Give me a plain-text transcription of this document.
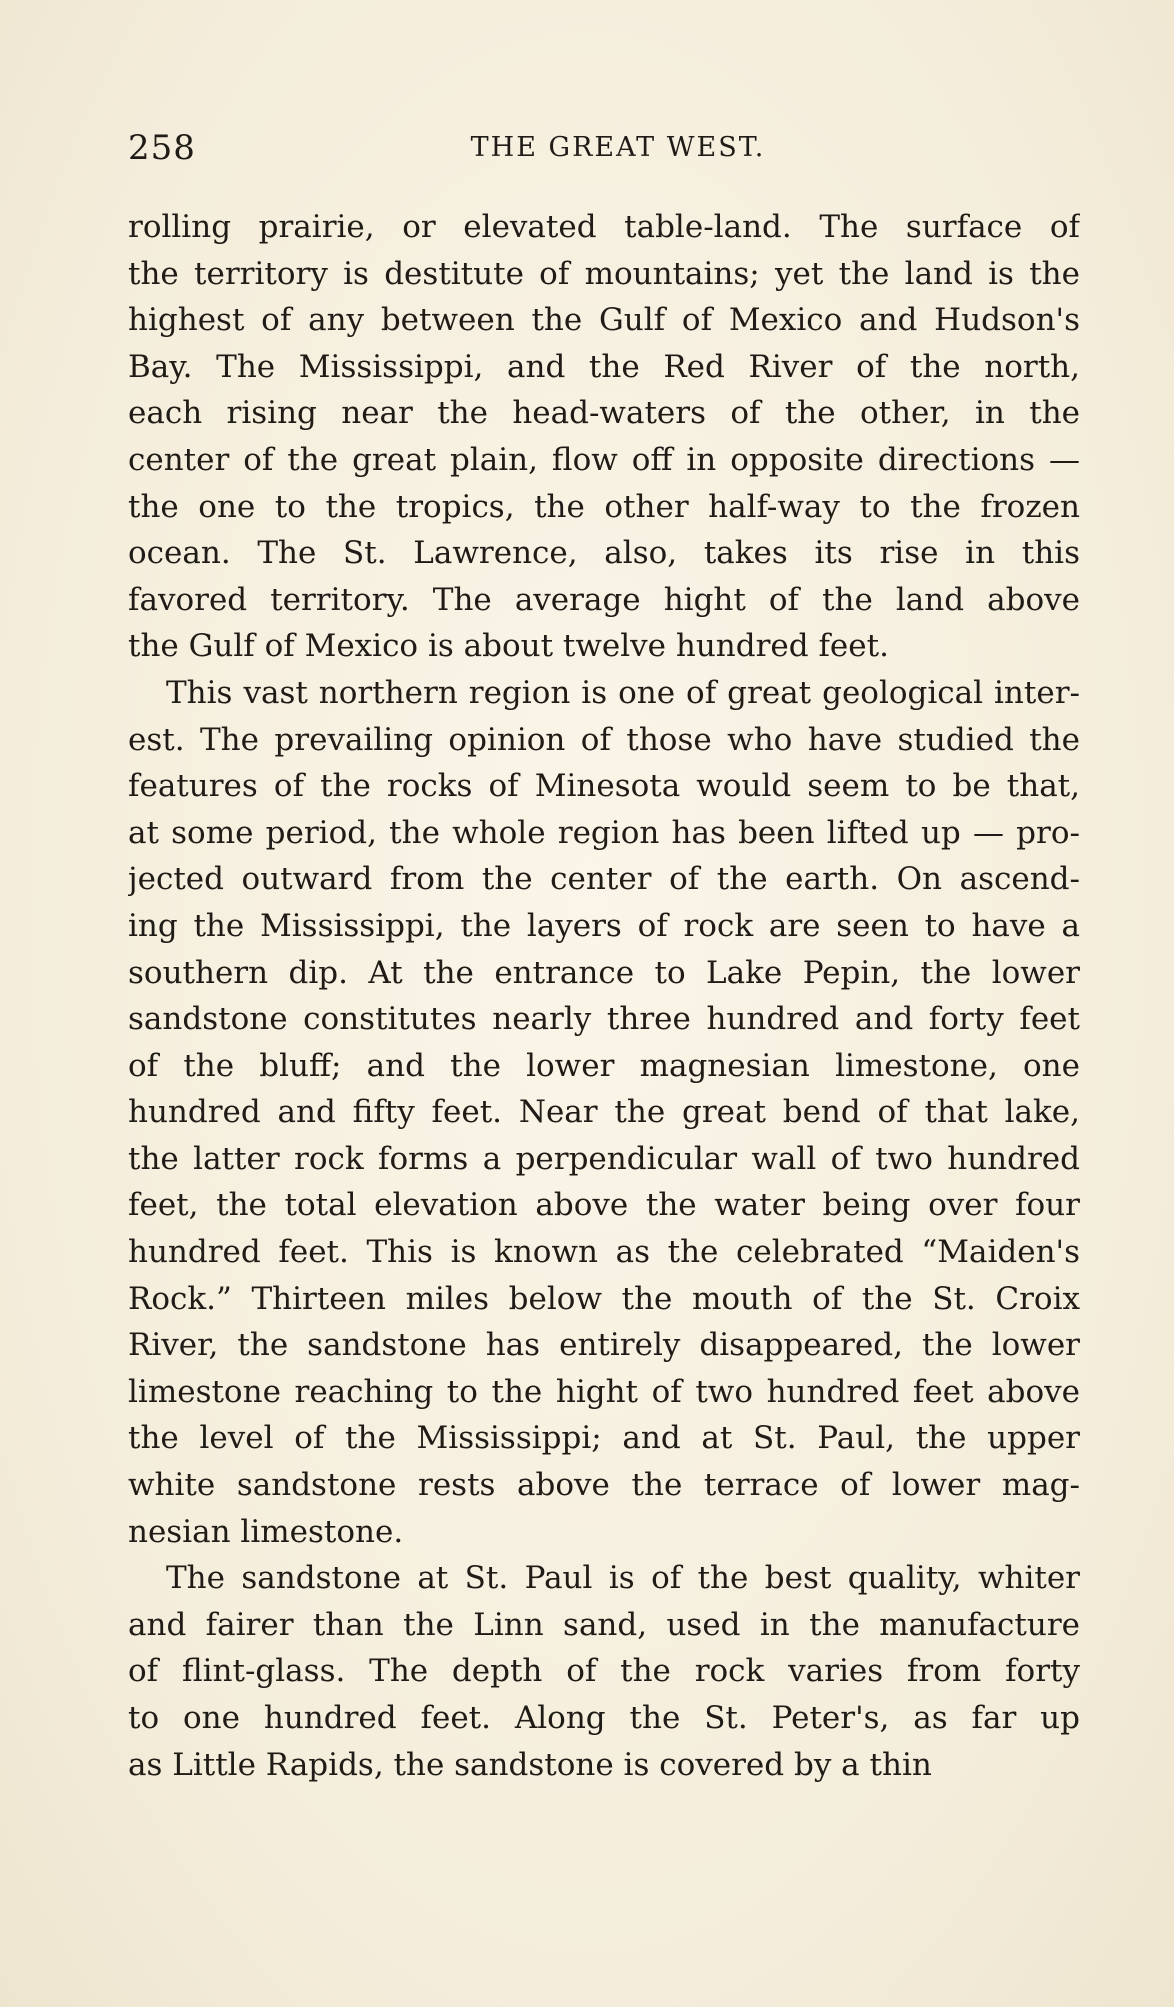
258	THE GREAT WEST.
rolling prairie, or elevated table-land. The surface of
the territory is destitute of mountains; yet the land is the
highest of any between the Gulf of Mexico and Hudson's
Bay. The Mississippi, and the Red River of the north,
each rising near the head-waters of the other, in the
center of the great plain, flow off in opposite directions —
the one to the tropics, the other half-way to the frozen
ocean. The St. Lawrence, also, takes its rise in this
favored territory. The average hight of the land above
the Gulf of Mexico is about twelve hundred feet.
This vast northern region is one of great geological inter-
est. The prevailing opinion of those who have studied the
features of the rocks of Minesota would seem to be that,
at some period, the whole region has been lifted up — pro-
jected outward from the center of the earth. On ascend-
ing the Mississippi, the layers of rock are seen to have a
southern dip. At the entrance to Lake Pepin, the lower
sandstone constitutes nearly three hundred and forty feet
of the bluff; and the lower magnesian limestone, one
hundred and fifty feet. Near the great bend of that lake,
the latter rock forms a perpendicular wall of two hundred
feet, the total elevation above the water being over four
hundred feet. This is known as the celebrated “Maiden's
Rock.” Thirteen miles below the mouth of the St. Croix
River, the sandstone has entirely disappeared, the lower
limestone reaching to the hight of two hundred feet above
the level of the Mississippi; and at St. Paul, the upper
white sandstone rests above the terrace of lower mag-
nesian limestone.
The sandstone at St. Paul is of the best quality, whiter
and fairer than the Linn sand, used in the manufacture
of flint-glass. The depth of the rock varies from forty
to one hundred feet. Along the St. Peter's, as far up
as Little Rapids, the sandstone is covered by a thin
